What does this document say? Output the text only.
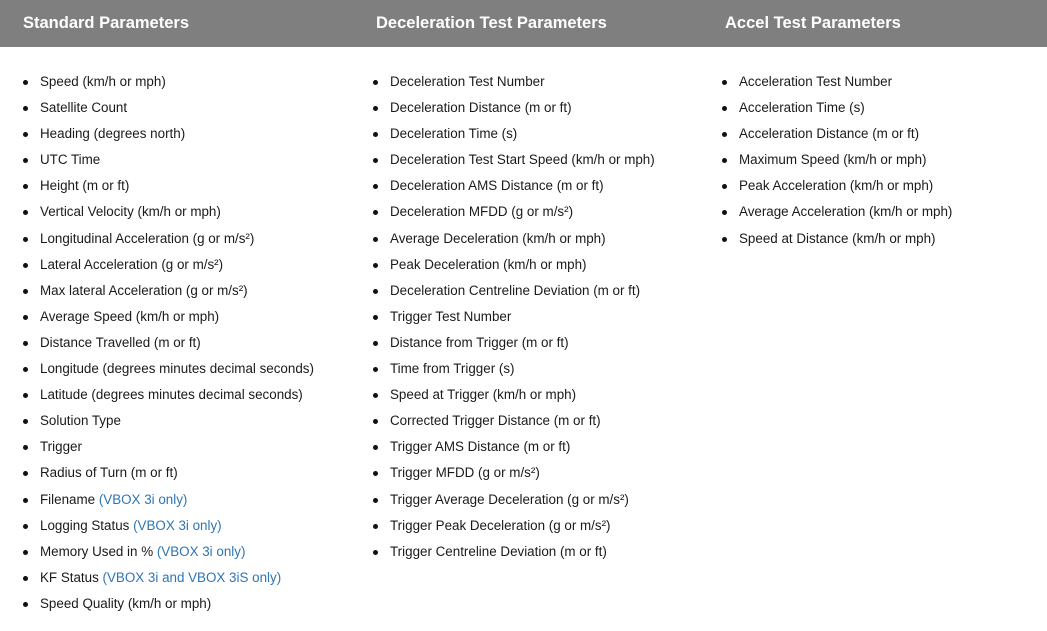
Standard Parameters	Deceleration Test Parameters	Accel Test Parameters
Speed (km/h or mph)
Satellite Count
Heading (degrees north)
UTC Time
Height (m or ft)
Vertical Velocity (km/h or mph)
Longitudinal Acceleration (g or m/s²)
Lateral Acceleration (g or m/s²)
Max lateral Acceleration (g or m/s²)
Average Speed (km/h or mph)
Distance Travelled (m or ft)
Longitude (degrees minutes decimal seconds)
Latitude (degrees minutes decimal seconds)
Solution Type
Trigger
Radius of Turn (m or ft)
Filename (VBOX 3i only)
Logging Status (VBOX 3i only)
Memory Used in % (VBOX 3i only)
KF Status (VBOX 3i and VBOX 3iS only)
Speed Quality (km/h or mph)
Deceleration Test Number
Deceleration Distance (m or ft)
Deceleration Time (s)
Deceleration Test Start Speed (km/h or mph)
Deceleration AMS Distance (m or ft)
Deceleration MFDD (g or m/s²)
Average Deceleration (km/h or mph)
Peak Deceleration (km/h or mph)
Deceleration Centreline Deviation (m or ft)
Trigger Test Number
Distance from Trigger (m or ft)
Time from Trigger (s)
Speed at Trigger (km/h or mph)
Corrected Trigger Distance (m or ft)
Trigger AMS Distance (m or ft)
Trigger MFDD (g or m/s²)
Trigger Average Deceleration (g or m/s²)
Trigger Peak Deceleration (g or m/s²)
Trigger Centreline Deviation (m or ft)
Acceleration Test Number
Acceleration Time (s)
Acceleration Distance (m or ft)
Maximum Speed (km/h or mph)
Peak Acceleration (km/h or mph)
Average Acceleration (km/h or mph)
Speed at Distance (km/h or mph)
